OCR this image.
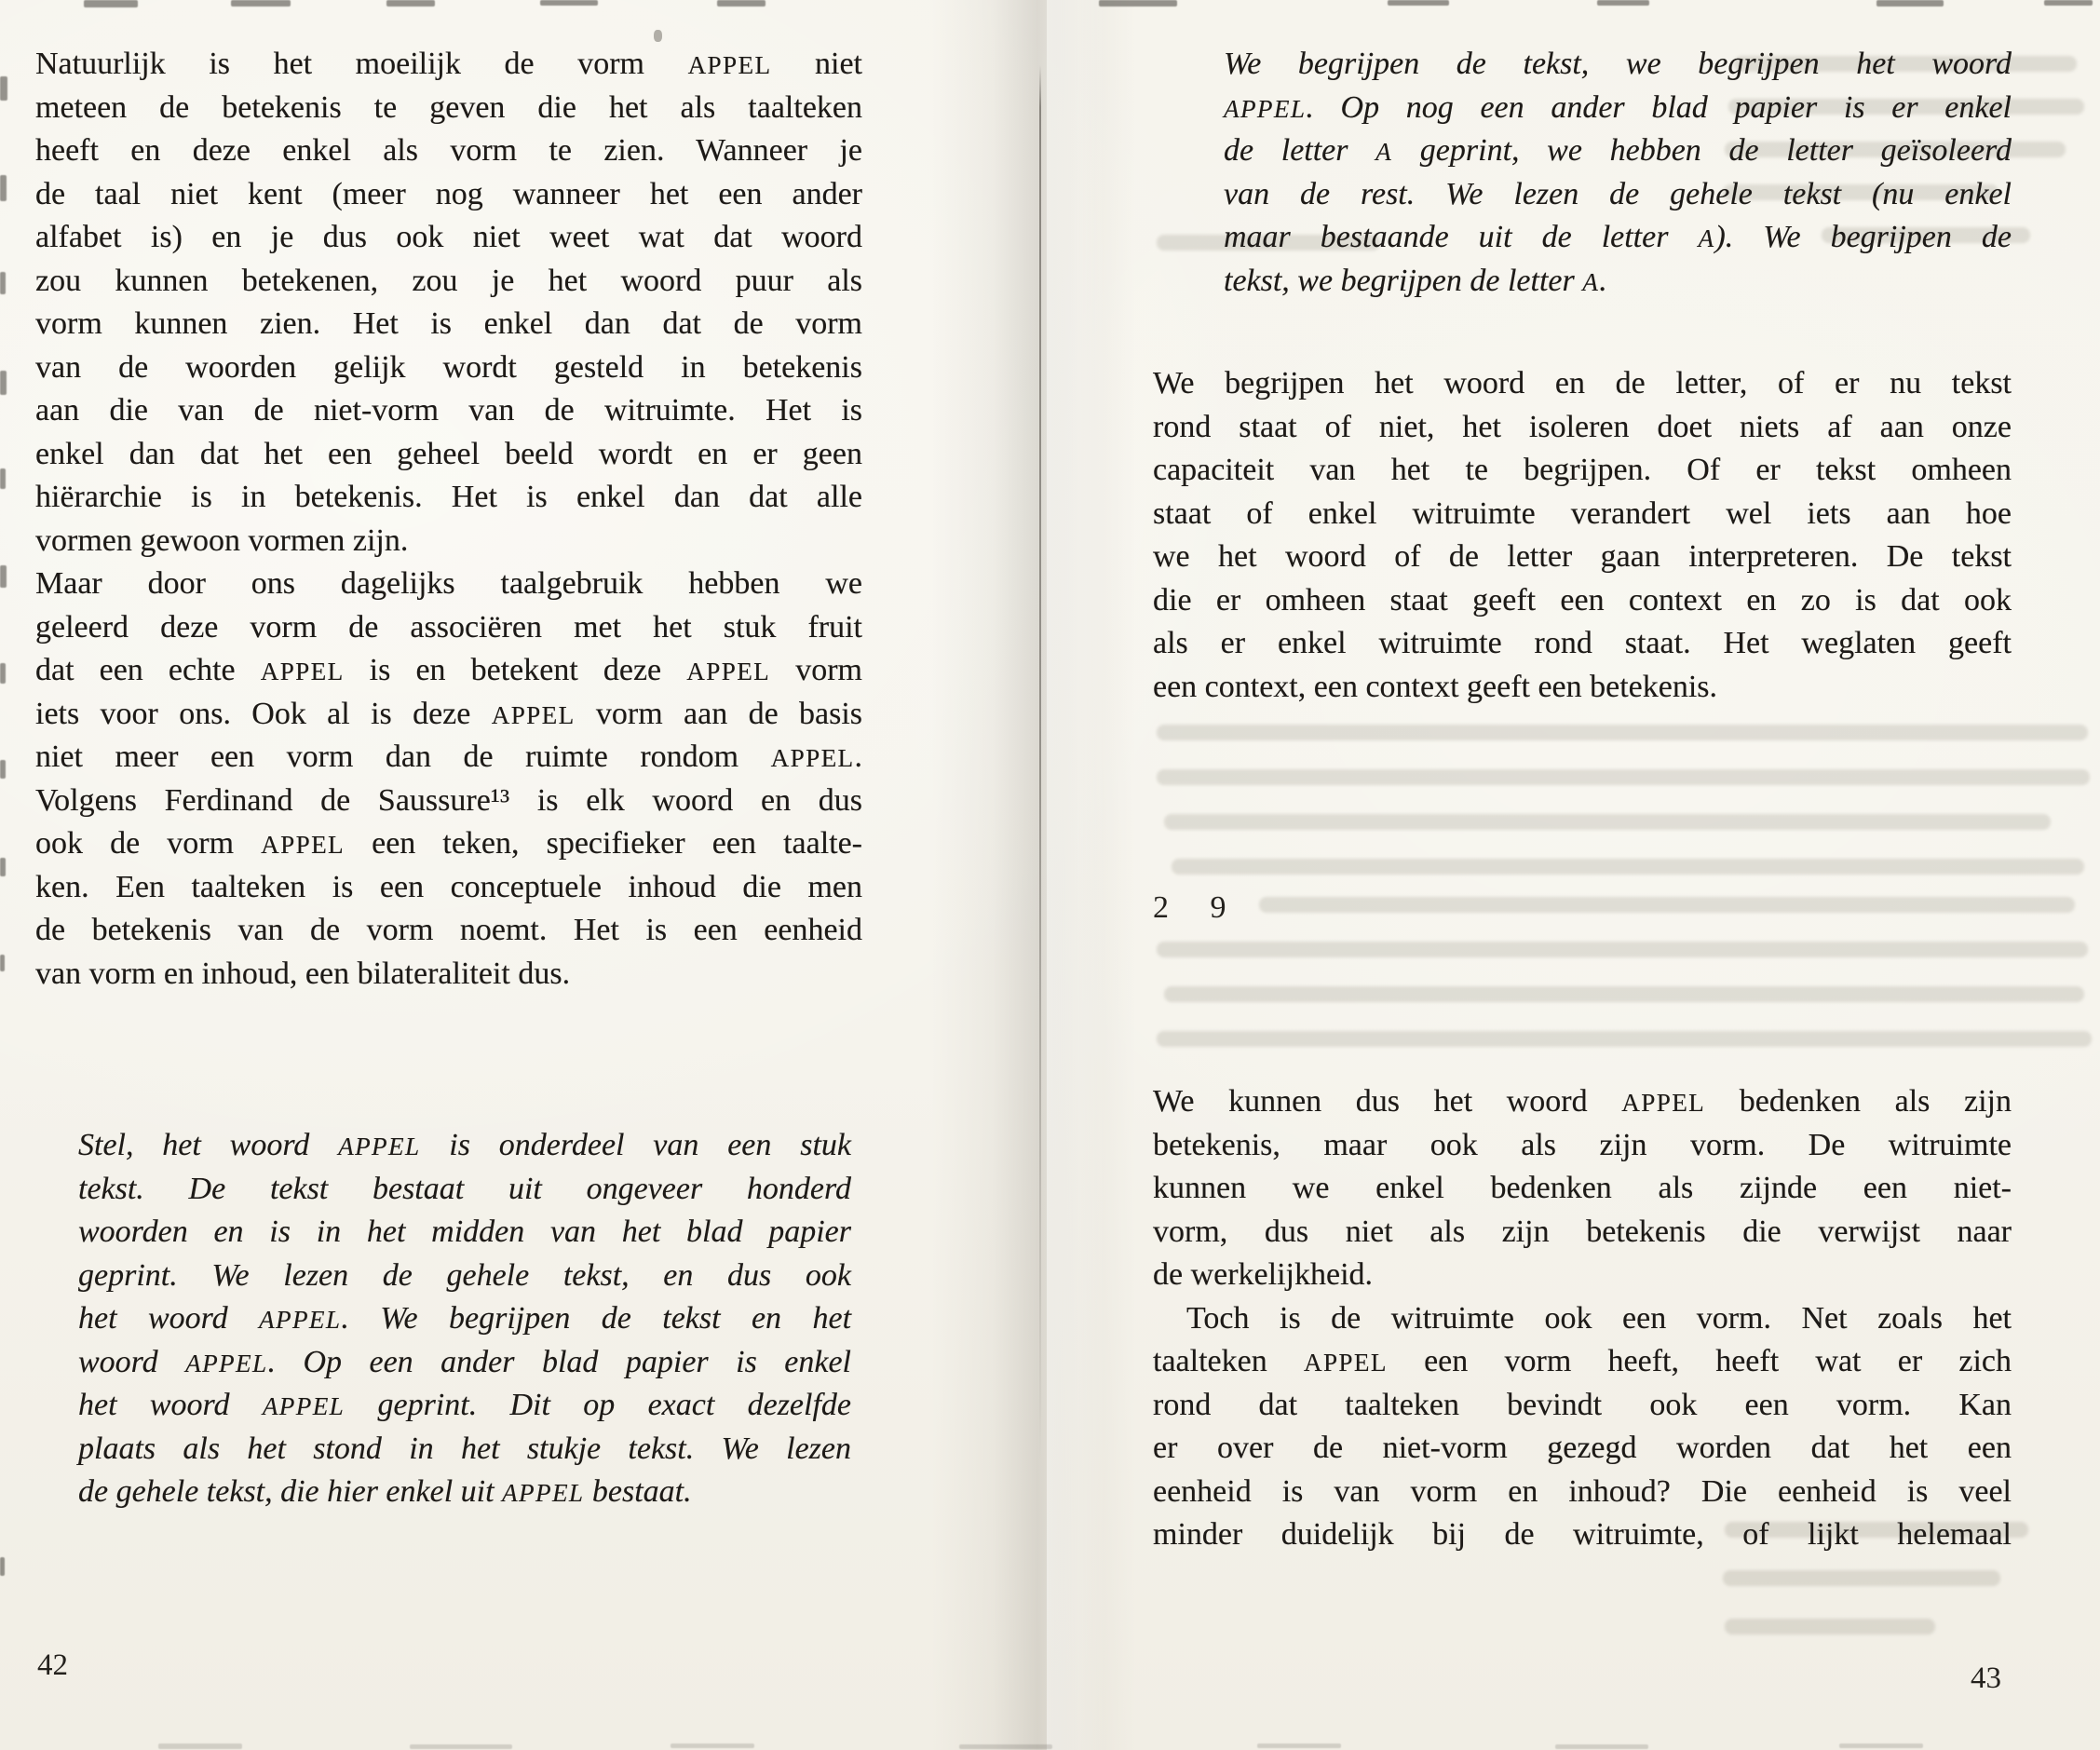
Natuurlijk is het moeilijk de vorm APPEL niet
meteen de betekenis te geven die het als taalteken
heeft en deze enkel als vorm te zien. Wanneer je
de taal niet kent (meer nog wanneer het een ander
alfabet is) en je dus ook niet weet wat dat woord
zou kunnen betekenen, zou je het woord puur als
vorm kunnen zien. Het is enkel dan dat de vorm
van de woorden gelijk wordt gesteld in betekenis
aan die van de niet-vorm van de witruimte. Het is
enkel dan dat het een geheel beeld wordt en er geen
hiërarchie is in betekenis. Het is enkel dan dat alle
vormen gewoon vormen zijn.
Maar door ons dagelijks taalgebruik hebben we
geleerd deze vorm de associëren met het stuk fruit
dat een echte APPEL is en betekent deze APPEL vorm
iets voor ons. Ook al is deze APPEL vorm aan de basis
niet meer een vorm dan de ruimte rondom APPEL.
Volgens Ferdinand de Saussure¹³ is elk woord en dus
ook de vorm APPEL een teken, specifieker een taalte-
ken. Een taalteken is een conceptuele inhoud die men
de betekenis van de vorm noemt. Het is een eenheid
van vorm en inhoud, een bilateraliteit dus.
Stel, het woord APPEL is onderdeel van een stuk
tekst. De tekst bestaat uit ongeveer honderd
woorden en is in het midden van het blad papier
geprint. We lezen de gehele tekst, en dus ook
het woord APPEL. We begrijpen de tekst en het
woord APPEL. Op een ander blad papier is enkel
het woord APPEL geprint. Dit op exact dezelfde
plaats als het stond in het stukje tekst. We lezen
de gehele tekst, die hier enkel uit APPEL bestaat.
We begrijpen de tekst, we begrijpen het woord
APPEL. Op nog een ander blad papier is er enkel
de letter A geprint, we hebben de letter geïsoleerd
van de rest. We lezen de gehele tekst (nu enkel
maar bestaande uit de letter A). We begrijpen de
tekst, we begrijpen de letter A.
We begrijpen het woord en de letter, of er nu tekst
rond staat of niet, het isoleren doet niets af aan onze
capaciteit van het te begrijpen. Of er tekst omheen
staat of enkel witruimte verandert wel iets aan hoe
we het woord of de letter gaan interpreteren. De tekst
die er omheen staat geeft een context en zo is dat ook
als er enkel witruimte rond staat. Het weglaten geeft
een context, een context geeft een betekenis.
We kunnen dus het woord APPEL bedenken als zijn
betekenis, maar ook als zijn vorm. De witruimte
kunnen we enkel bedenken als zijnde een niet-
vorm, dus niet als zijn betekenis die verwijst naar
de werkelijkheid.
Toch is de witruimte ook een vorm. Net zoals het
taalteken APPEL een vorm heeft, heeft wat er zich
rond dat taalteken bevindt ook een vorm. Kan
er over de niet-vorm gezegd worden dat het een
eenheid is van vorm en inhoud? Die eenheid is veel
minder duidelijk bij de witruimte, of lijkt helemaal
2 9
42	43
